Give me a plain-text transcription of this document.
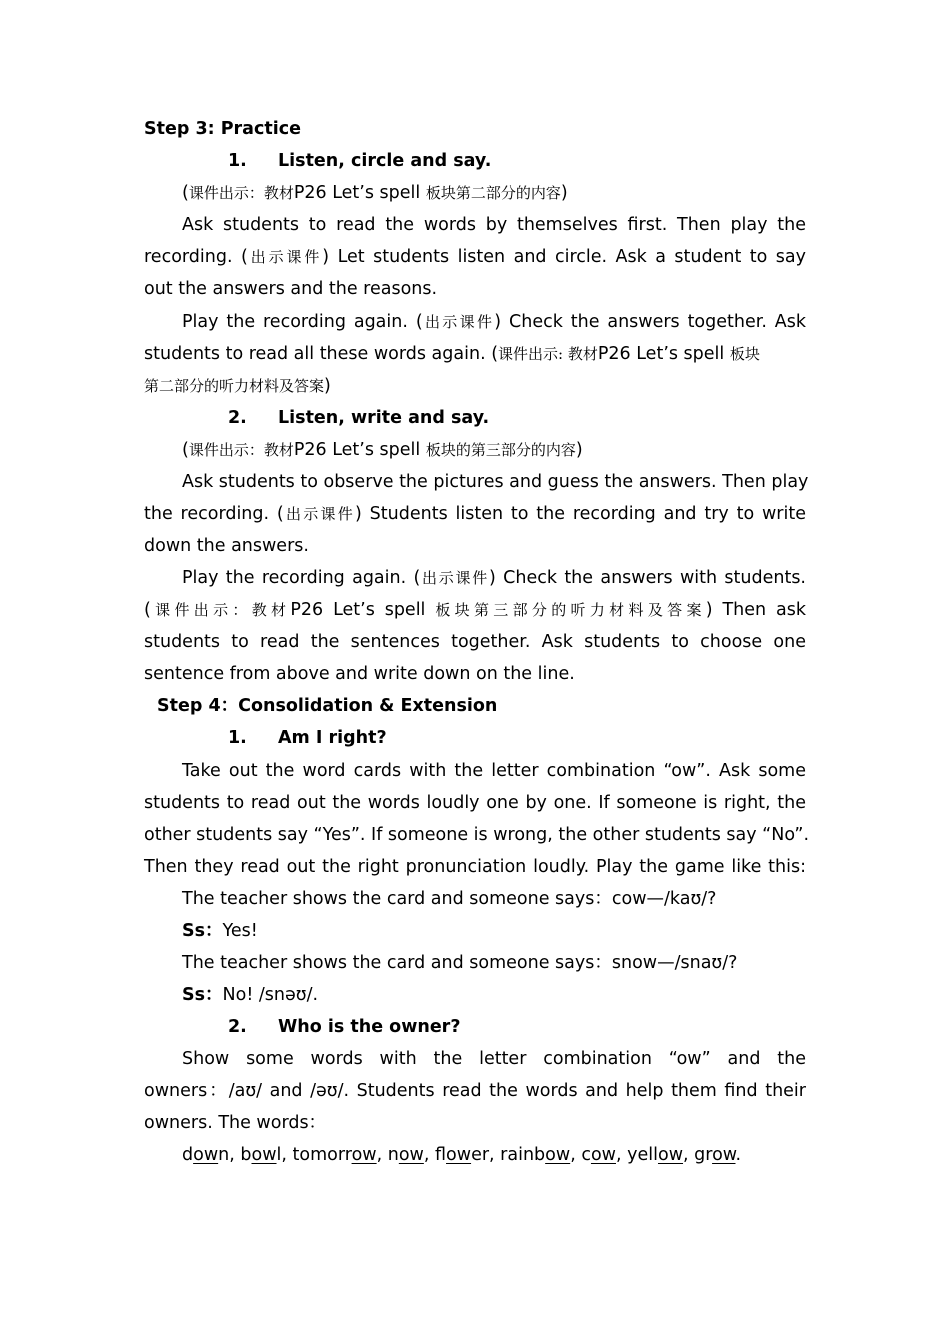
Step 3: Practice
1. Listen, circle and say.
(课件出示：教材P26 Let’s spell 板块第二部分的内容)
Ask students to read the words by themselves first. Then play the
recording. (出示课件) Let students listen and circle. Ask a student to say
out the answers and the reasons.
Play the recording again. (出示课件) Check the answers together. Ask
students to read all these words again. (课件出示: 教材P26 Let’s spell 板块
第二部分的听力材料及答案)
2. Listen, write and say.
(课件出示：教材P26 Let’s spell 板块的第三部分的内容)
Ask students to observe the pictures and guess the answers. Then play
the recording. (出示课件) Students listen to the recording and try to write
down the answers.
Play the recording again. (出示课件) Check the answers with students.
(课件出示：教材P26 Let’s spell 板块第三部分的听力材料及答案) Then ask
students to read the sentences together. Ask students to choose one
sentence from above and write down on the line.
Step 4：Consolidation & Extension
1. Am I right?
Take out the word cards with the letter combination “ow”. Ask some
students to read out the words loudly one by one. If someone is right, the
other students say “Yes”. If someone is wrong, the other students say “No”.
Then they read out the right pronunciation loudly. Play the game like this:
The teacher shows the card and someone says：cow—/kaʊ/?
Ss：Yes!
The teacher shows the card and someone says：snow—/snaʊ/?
Ss：No! /snəʊ/.
2. Who is the owner?
Show some words with the letter combination “ow” and the
owners：/aʊ/ and /əʊ/. Students read the words and help them find their
owners. The words：
down, bowl, tomorrow, now, flower, rainbow, cow, yellow, grow.
